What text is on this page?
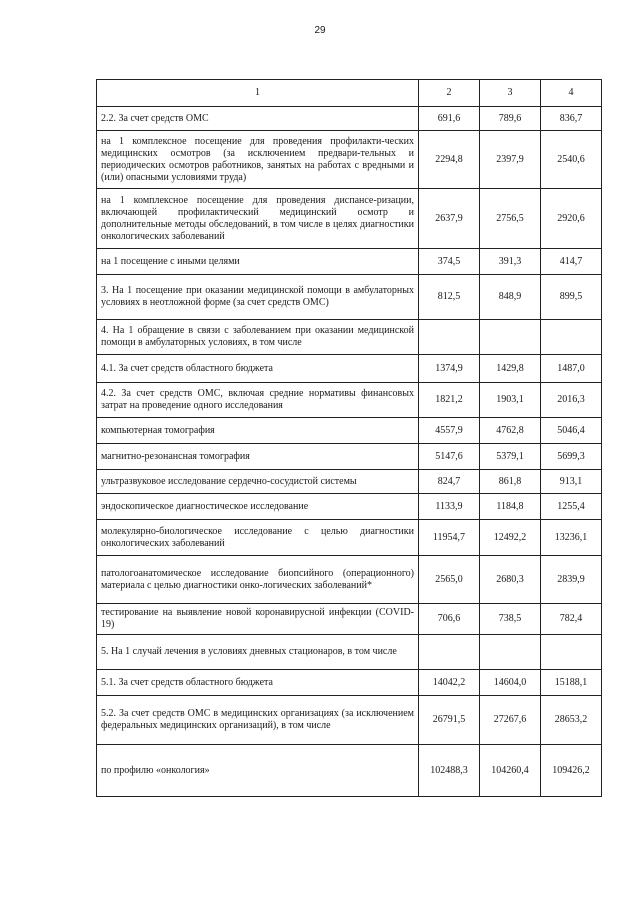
29
1	2	3	4
2.2. За счет средств ОМС	691,6	789,6	836,7
на 1 комплексное посещение для проведения профилакти-ческих медицинских осмотров (за исключением предвари-тельных и периодических осмотров работников, занятых на работах с вредными и (или) опасными условиями труда)	2294,8	2397,9	2540,6
на 1 комплексное посещение для проведения диспансе-ризации, включающей профилактический медицинский осмотр и дополнительные методы обследований, в том числе в целях диагностики онкологических заболеваний	2637,9	2756,5	2920,6
на 1 посещение с иными целями	374,5	391,3	414,7
3. На 1 посещение при оказании медицинской помощи в амбулаторных условиях в неотложной форме (за счет средств ОМС)	812,5	848,9	899,5
4. На 1 обращение в связи с заболеванием при оказании медицинской помощи в амбулаторных условиях, в том числе			
4.1. За счет средств областного бюджета	1374,9	1429,8	1487,0
4.2. За счет средств ОМС, включая средние нормативы финансовых затрат на проведение одного исследования	1821,2	1903,1	2016,3
компьютерная томография	4557,9	4762,8	5046,4
магнитно-резонансная томография	5147,6	5379,1	5699,3
ультразвуковое исследование сердечно-сосудистой системы	824,7	861,8	913,1
эндоскопическое диагностическое исследование	1133,9	1184,8	1255,4
молекулярно-биологическое исследование с целью диагностики онкологических заболеваний	11954,7	12492,2	13236,1
патологоанатомическое исследование биопсийного (операционного) материала с целью диагностики онко-логических заболеваний*	2565,0	2680,3	2839,9
тестирование на выявление новой коронавирусной инфекции (COVID-19)	706,6	738,5	782,4
5. На 1 случай лечения в условиях дневных стационаров, в том числе			
5.1. За счет средств областного бюджета	14042,2	14604,0	15188,1
5.2. За счет средств ОМС в медицинских организациях (за исключением федеральных медицинских организаций), в том числе	26791,5	27267,6	28653,2
по профилю «онкология»	102488,3	104260,4	109426,2
